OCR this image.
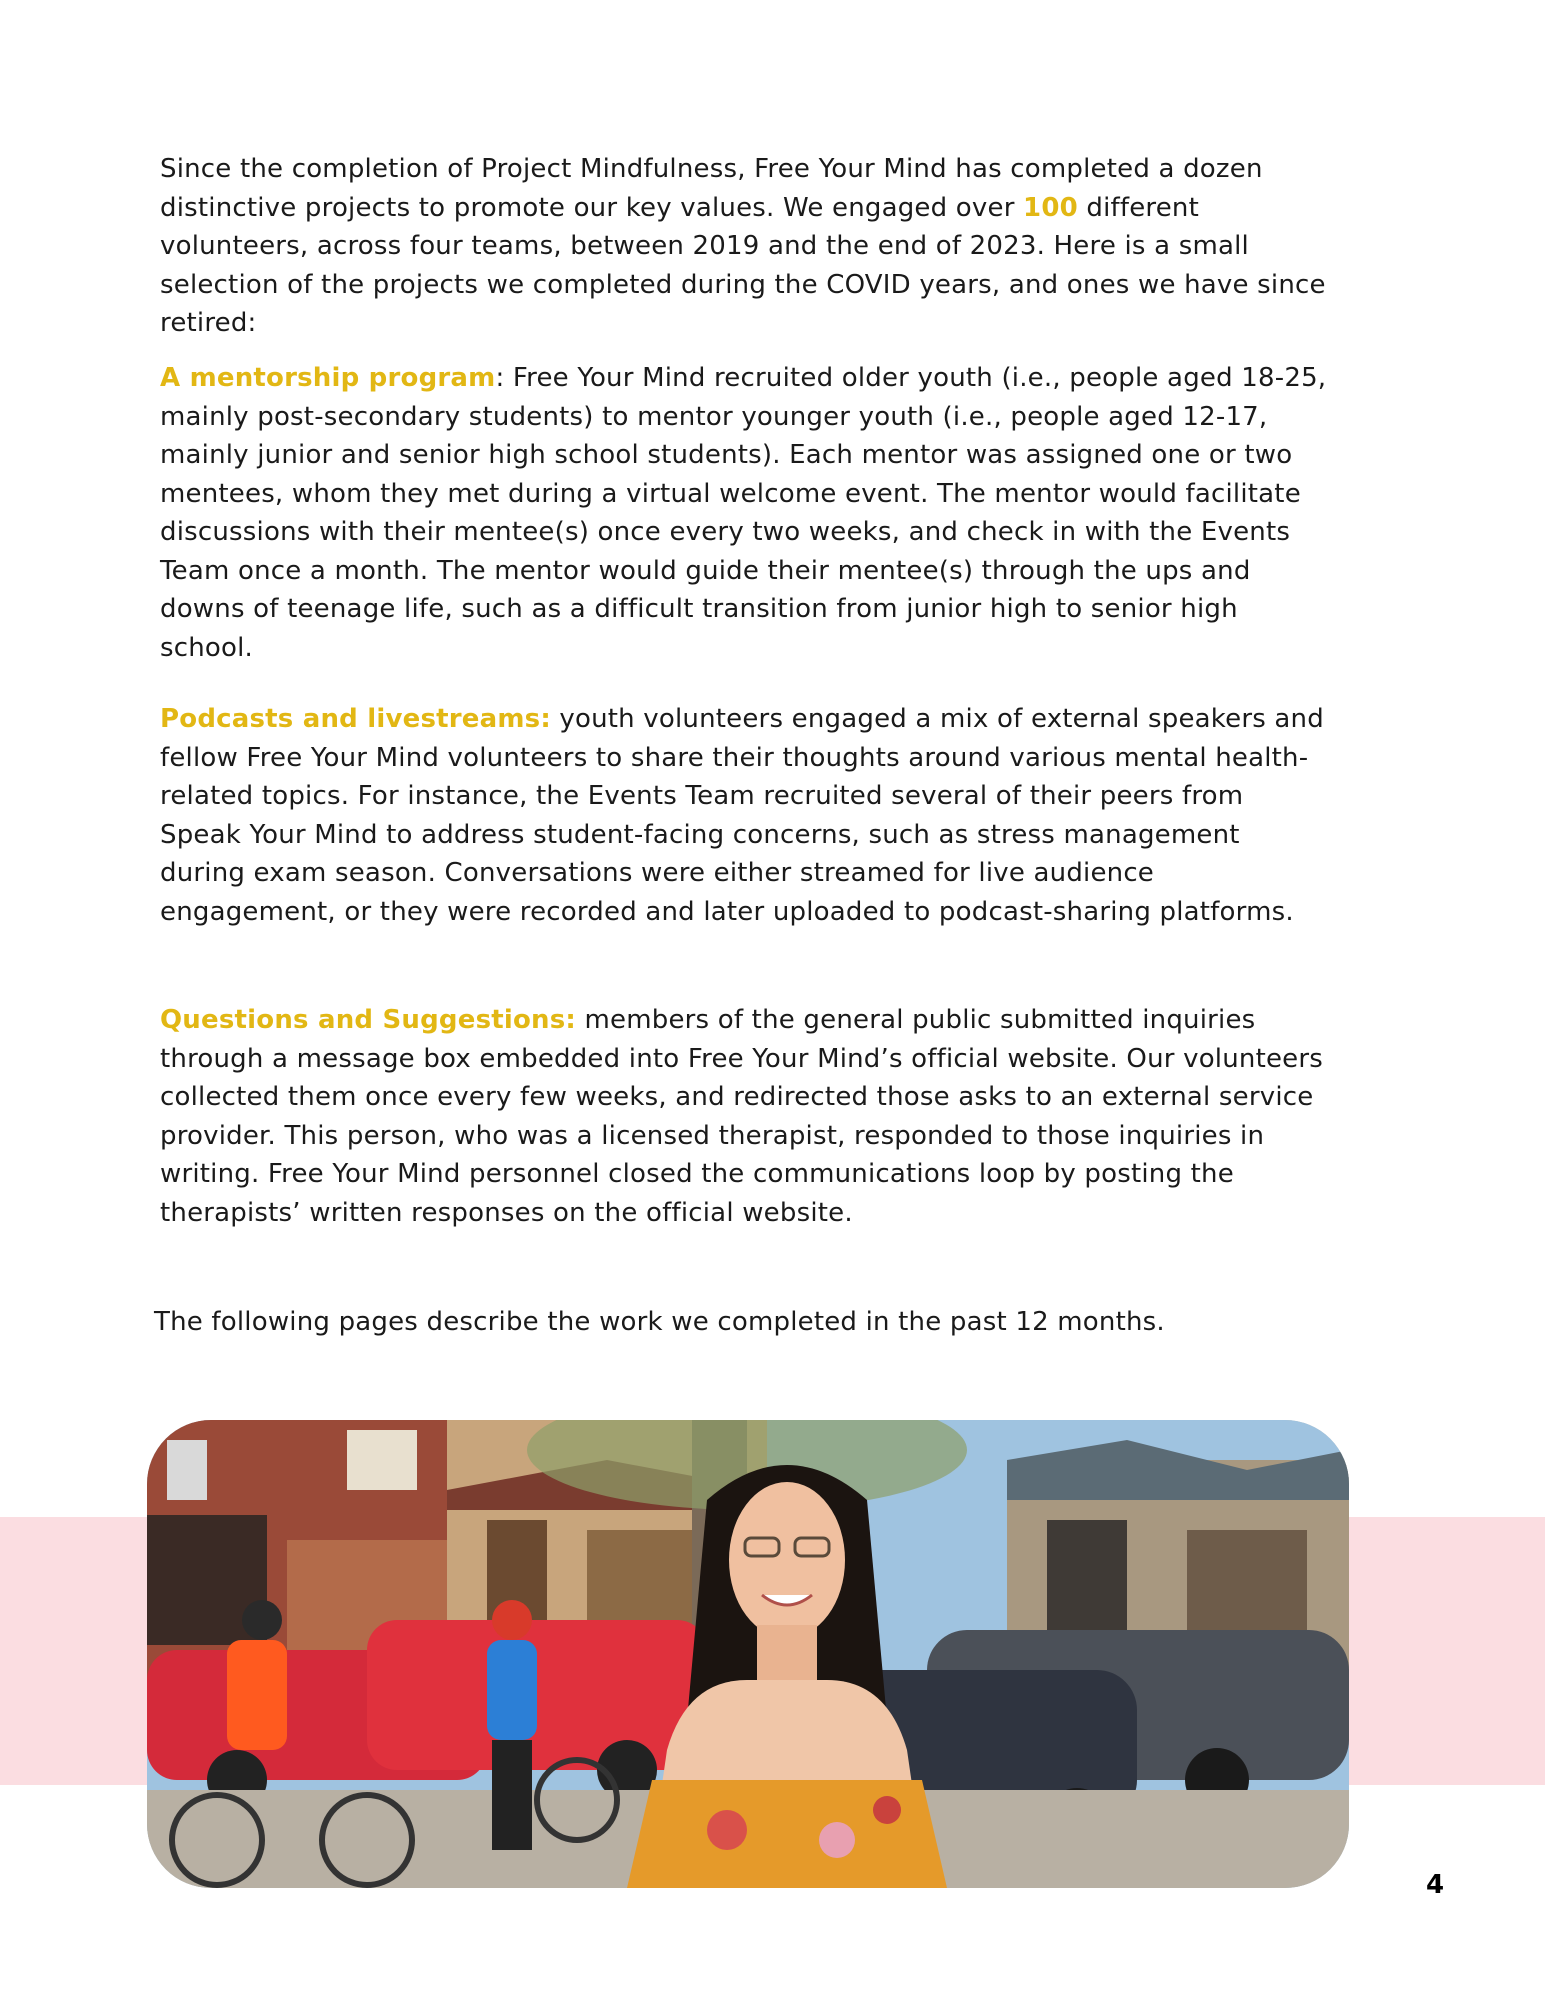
Since the completion of Project Mindfulness, Free Your Mind has completed a dozen distinctive projects to promote our key values. We engaged over 100 different volunteers, across four teams, between 2019 and the end of 2023. Here is a small selection of the projects we completed during the COVID years, and ones we have since retired:

A mentorship program: Free Your Mind recruited older youth (i.e., people aged 18-25, mainly post-secondary students) to mentor younger youth (i.e., people aged 12-17, mainly junior and senior high school students). Each mentor was assigned one or two mentees, whom they met during a virtual welcome event. The mentor would facilitate discussions with their mentee(s) once every two weeks, and check in with the Events Team once a month. The mentor would guide their mentee(s) through the ups and downs of teenage life, such as a difficult transition from junior high to senior high school.

Podcasts and livestreams: youth volunteers engaged a mix of external speakers and fellow Free Your Mind volunteers to share their thoughts around various mental health-related topics. For instance, the Events Team recruited several of their peers from Speak Your Mind to address student-facing concerns, such as stress management during exam season. Conversations were either streamed for live audience engagement, or they were recorded and later uploaded to podcast-sharing platforms.

Questions and Suggestions: members of the general public submitted inquiries through a message box embedded into Free Your Mind’s official website. Our volunteers collected them once every few weeks, and redirected those asks to an external service provider. This person, who was a licensed therapist, responded to those inquiries in writing. Free Your Mind personnel closed the communications loop by posting the therapists’ written responses on the official website.

The following pages describe the work we completed in the past 12 months.

4
